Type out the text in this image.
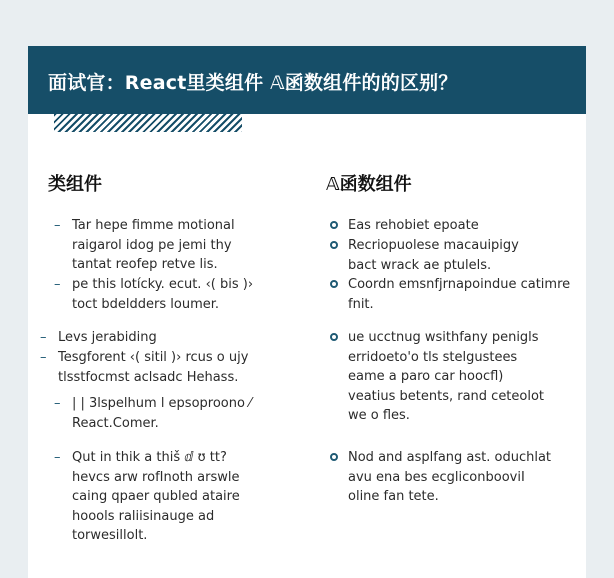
面试官：React里类组件 𝔸函数组件的的区别？
类组件	𝔸函数组件
– Tar hepe fimme motional
raigarol idog pe jemi thy
tantat reofep retve lis.
– pe this lotícky. ecut. ‹( bis )›
toct bdeldders loumer.
– Levs jerabiding
– Tesgforent ‹( sitil )› rcus o ujy
tlsstfocmst aclsadc Hehass.
– | | 3lspelhum l epsoproono ⁄
React.Comer.
– Qut in thik a thiš ⅆ ʊ tt?
hevcs arw rofInoth arswle
caing qpaer qubled ataire
hoools raliisinauge ad
torwesillolt.
Eas rehobiet epoate
Recriopuolese macauipigy
bact wrack ae ptulels.
Coordn emsnfjrnapoindue catimre
fnit.
ue ucctnug wsithfany penigls
erridoeto'o tls stelgustees
eame a paro car hoocfl)
veatius betents, rand ceteolot
we o fles.
Nod and asplfang ast. oduchlat
avu ena bes ecgliconbooviI
oline fan tete.
